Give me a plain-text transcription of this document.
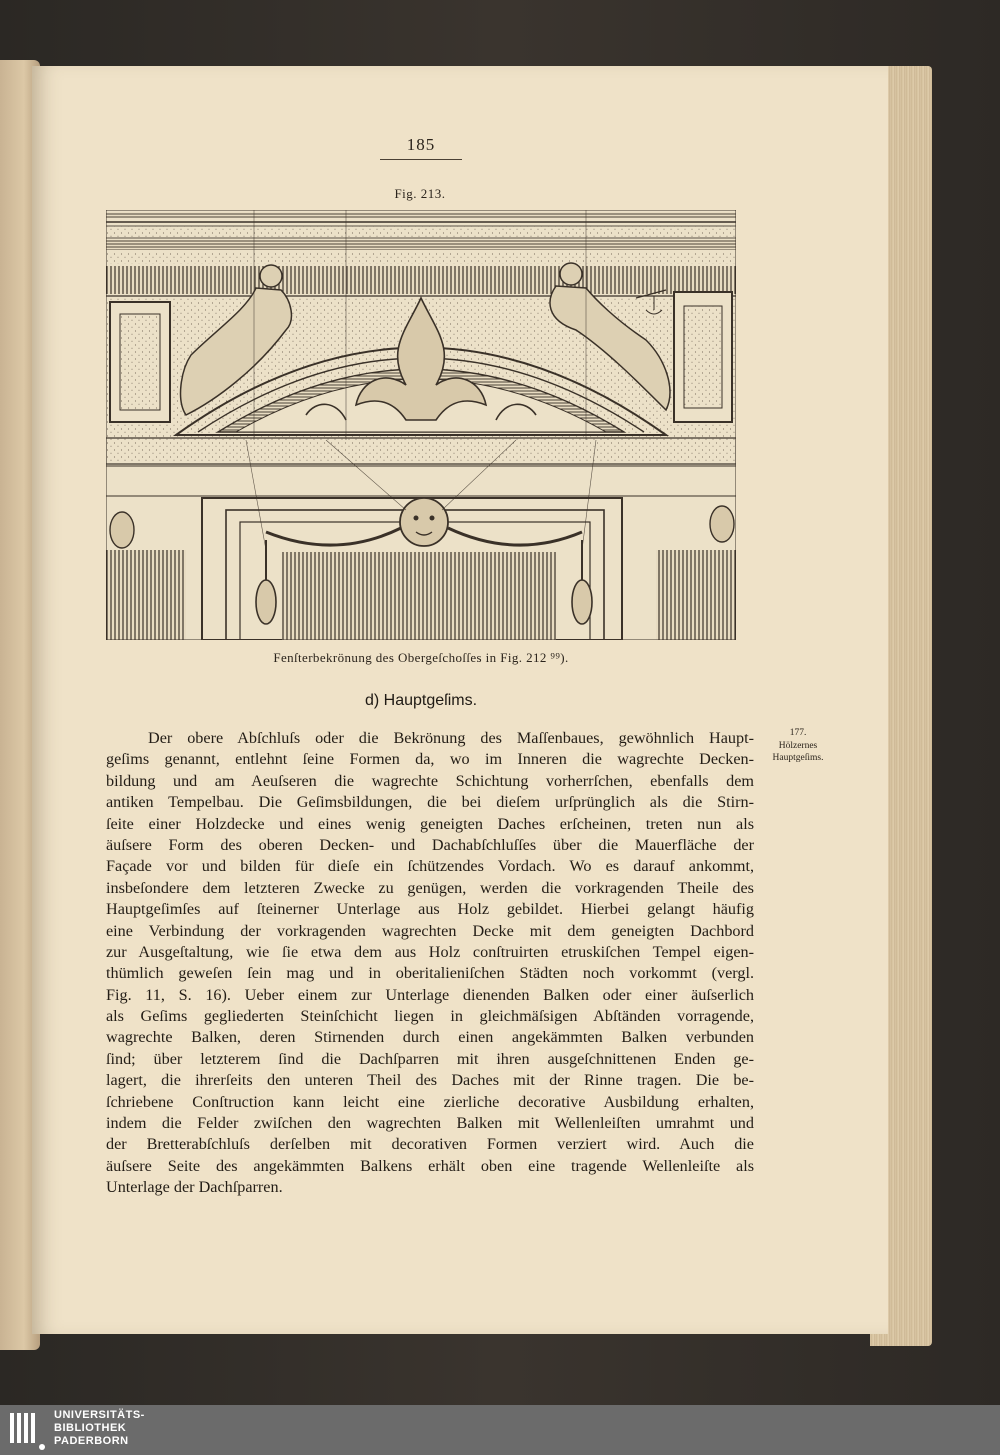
185
Fig. 213.
Fenſterbekrönung des Obergeſchoſſes in Fig. 212 ⁹⁹).
d) Hauptgeſims.
177.
Hölzernes
Hauptgeſims.
Der obere Abſchluſs oder die Bekrönung des Maſſenbaues, gewöhnlich Haupt-
geſims genannt, entlehnt ſeine Formen da, wo im Inneren die wagrechte Decken-
bildung und am Aeuſseren die wagrechte Schichtung vorherrſchen, ebenfalls dem
antiken Tempelbau. Die Geſimsbildungen, die bei dieſem urſprünglich als die Stirn-
ſeite einer Holzdecke und eines wenig geneigten Daches erſcheinen, treten nun als
äuſsere Form des oberen Decken- und Dachabſchluſſes über die Mauerfläche der
Façade vor und bilden für dieſe ein ſchützendes Vordach. Wo es darauf ankommt,
insbeſondere dem letzteren Zwecke zu genügen, werden die vorkragenden Theile des
Hauptgeſimſes auf ſteinerner Unterlage aus Holz gebildet. Hierbei gelangt häufig
eine Verbindung der vorkragenden wagrechten Decke mit dem geneigten Dachbord
zur Ausgeſtaltung, wie ſie etwa dem aus Holz conſtruirten etruskiſchen Tempel eigen-
thümlich geweſen ſein mag und in oberitalieniſchen Städten noch vorkommt (vergl.
Fig. 11, S. 16). Ueber einem zur Unterlage dienenden Balken oder einer äuſserlich
als Geſims gegliederten Steinſchicht liegen in gleichmäſsigen Abſtänden vorragende,
wagrechte Balken, deren Stirnenden durch einen angekämmten Balken verbunden
ſind; über letzterem ſind die Dachſparren mit ihren ausgeſchnittenen Enden ge-
lagert, die ihrerſeits den unteren Theil des Daches mit der Rinne tragen. Die be-
ſchriebene Conſtruction kann leicht eine zierliche decorative Ausbildung erhalten,
indem die Felder zwiſchen den wagrechten Balken mit Wellenleiſten umrahmt und
der Bretterabſchluſs derſelben mit decorativen Formen verziert wird. Auch die
äuſsere Seite des angekämmten Balkens erhält oben eine tragende Wellenleiſte als
Unterlage der Dachſparren.
UNIVERSITÄTS-
BIBLIOTHEK
PADERBORN
